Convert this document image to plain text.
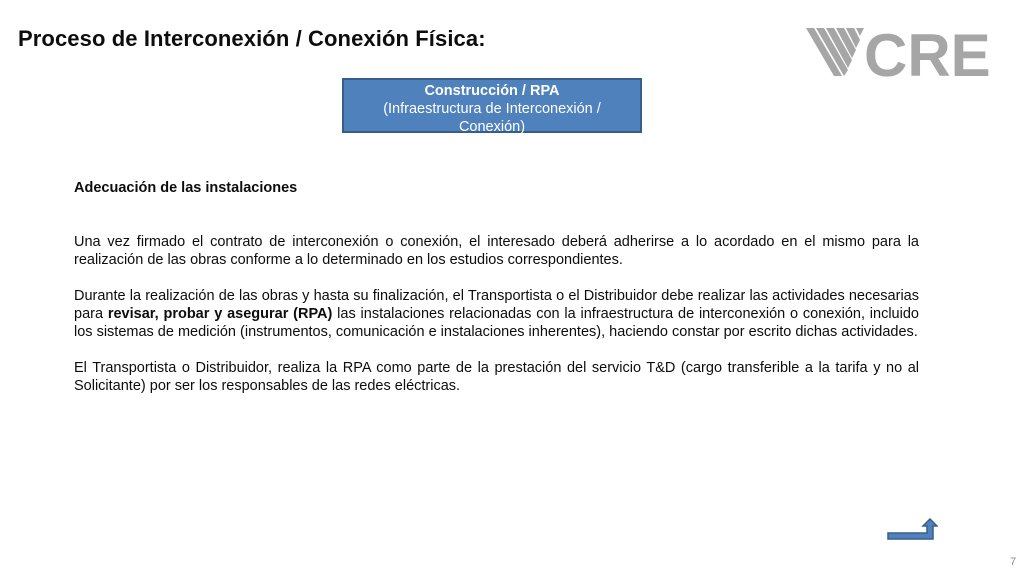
Proceso de Interconexión / Conexión Física:	CRE
Construcción / RPA
(Infraestructura de Interconexión /
Conexión)

Adecuación de las instalaciones

Una vez firmado el contrato de interconexión o conexión, el interesado deberá adherirse a lo acordado en el mismo para la realización de las obras conforme a lo determinado en los estudios correspondientes.

Durante la realización de las obras y hasta su finalización, el Transportista o el Distribuidor debe realizar las actividades necesarias para revisar, probar y asegurar (RPA) las instalaciones relacionadas con la infraestructura de interconexión o conexión, incluido los sistemas de medición (instrumentos, comunicación e instalaciones inherentes), haciendo constar por escrito dichas actividades.

El Transportista o Distribuidor, realiza la RPA como parte de la prestación del servicio T&D (cargo transferible a la tarifa y no al Solicitante) por ser los responsables de las redes eléctricas.

7
